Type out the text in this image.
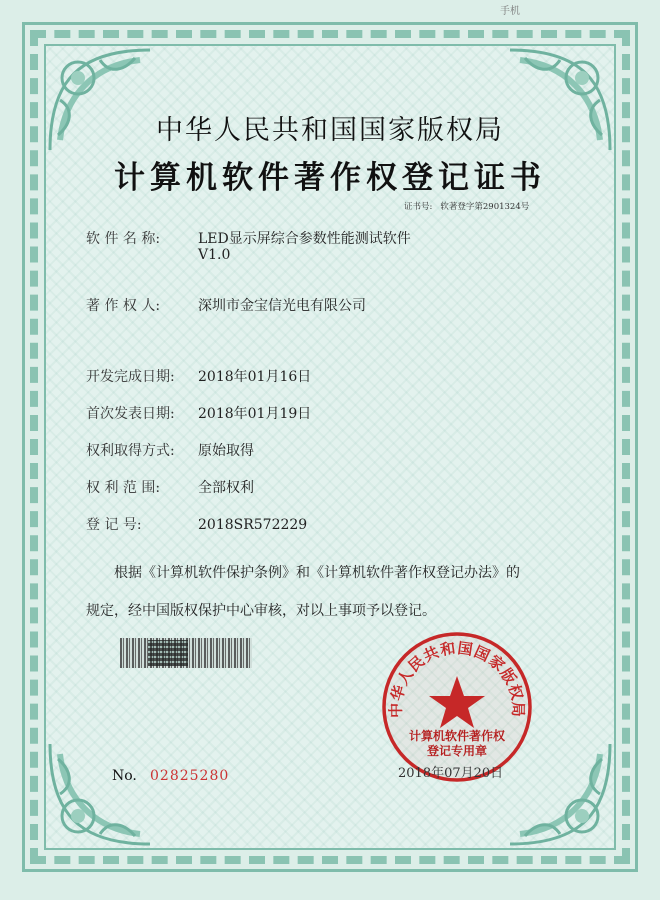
手机
中华人民共和国国家版权局
计算机软件著作权登记证书
证书号: 软著登字第2901324号
软 件 名 称:	LED显示屏综合参数性能测试软件
V1.0
著 作 权 人:	深圳市金宝信光电有限公司
开发完成日期: 2018年01月16日
首次发表日期: 2018年01月19日
权利取得方式: 原始取得
权 利 范 围:	全部权利
登 记 号:	2018SR572229
根据《计算机软件保护条例》和《计算机软件著作权登记办法》的
规定，经中国版权保护中心审核，对以上事项予以登记。
中华人民共和国国家版权局
计算机软件著作权
登记专用章
2018年07月20日
No. 02825280
